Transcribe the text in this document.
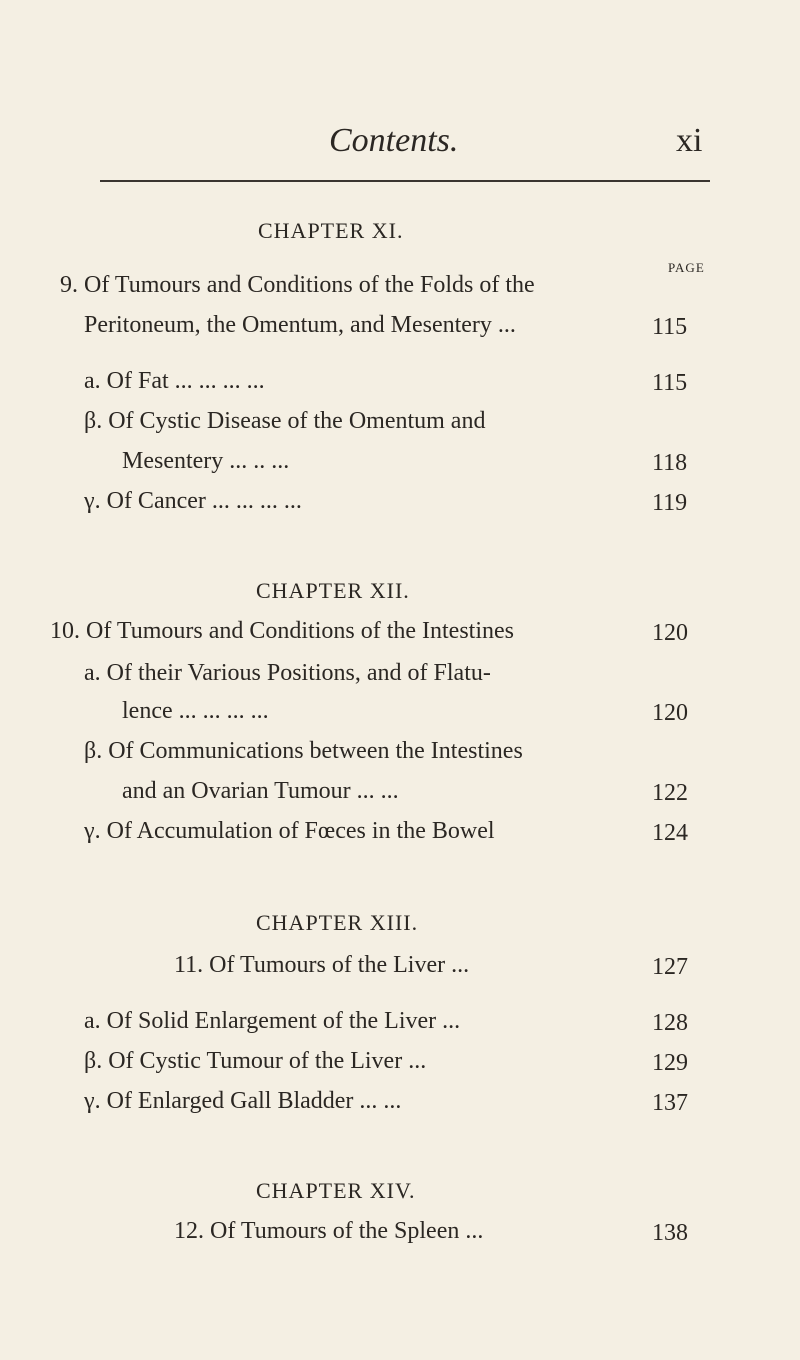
Contents.	xi
CHAPTER XI.
PAGE
9. Of Tumours and Conditions of the Folds of the
Peritoneum, the Omentum, and Mesentery ...	115
a. Of Fat ... ... ... ...	115
β. Of Cystic Disease of the Omentum and
Mesentery ... .. ...	118
γ. Of Cancer ... ... ... ...	119
CHAPTER XII.
10. Of Tumours and Conditions of the Intestines	120
a. Of their Various Positions, and of Flatu-
lence ... ... ... ...	120
β. Of Communications between the Intestines
and an Ovarian Tumour ... ...	122
γ. Of Accumulation of Fœces in the Bowel	124
CHAPTER XIII.
11. Of Tumours of the Liver ...	127
a. Of Solid Enlargement of the Liver ...	128
β. Of Cystic Tumour of the Liver ...	129
γ. Of Enlarged Gall Bladder ... ...	137
CHAPTER XIV.
12. Of Tumours of the Spleen ...	138
